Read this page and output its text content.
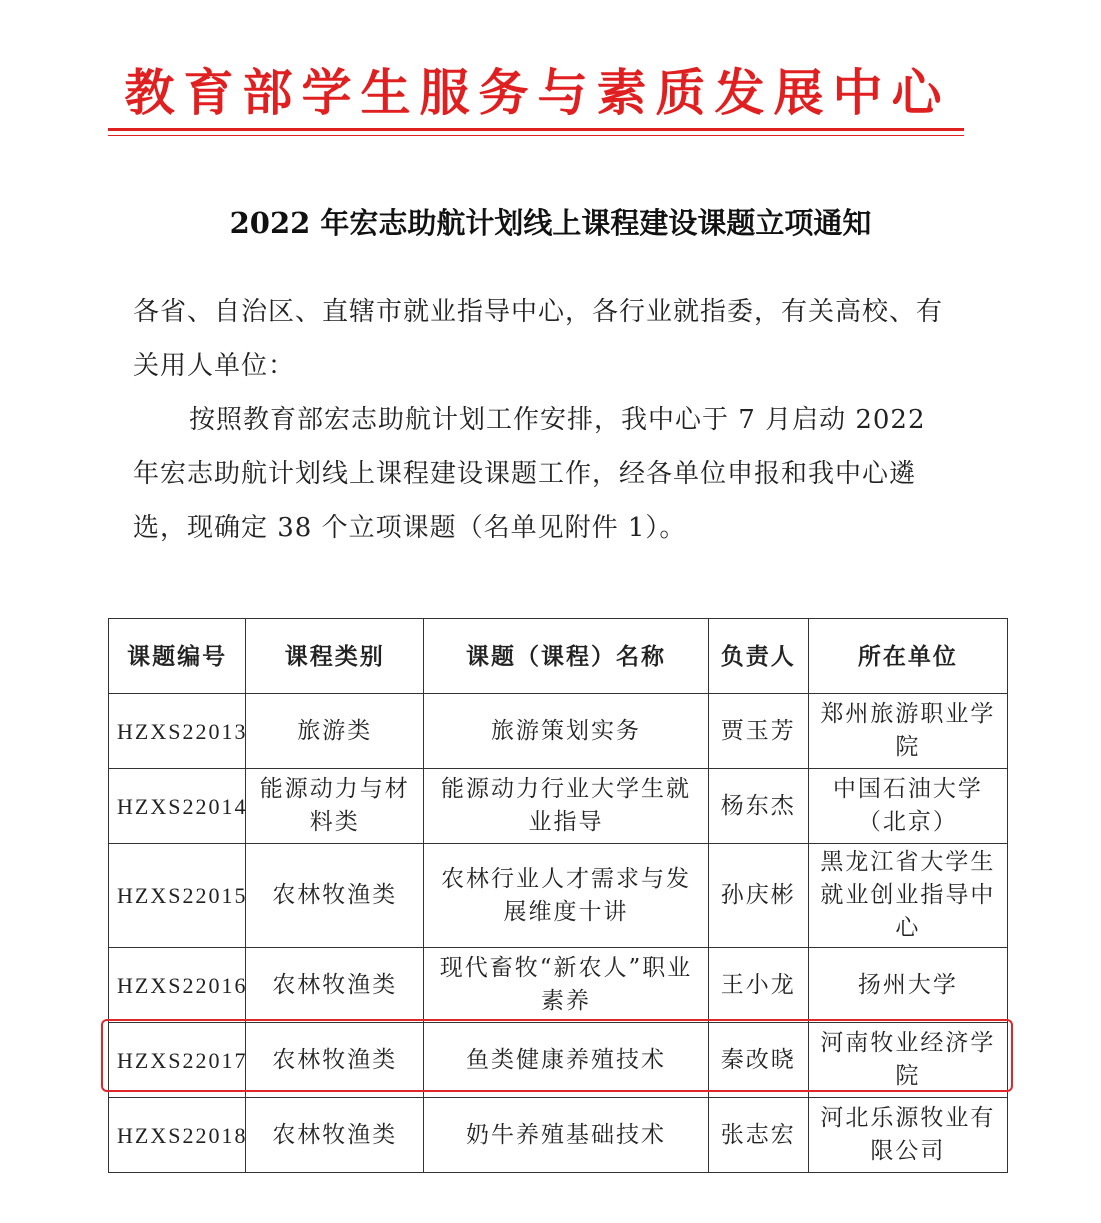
教育部学生服务与素质发展中心
2022 年宏志助航计划线上课程建设课题立项通知
各省、自治区、直辖市就业指导中心，各行业就指委，有关高校、有关用人单位：
按照教育部宏志助航计划工作安排，我中心于 7 月启动 2022 年宏志助航计划线上课程建设课题工作，经各单位申报和我中心遴选，现确定 38 个立项课题（名单见附件 1）。
课题编号	课程类别	课题（课程）名称	负责人	所在单位
HZXS22013	旅游类	旅游策划实务	贾玉芳	郑州旅游职业学院
HZXS22014	能源动力与材料类	能源动力行业大学生就业指导	杨东杰	中国石油大学（北京）
HZXS22015	农林牧渔类	农林行业人才需求与发展维度十讲	孙庆彬	黑龙江省大学生就业创业指导中心
HZXS22016	农林牧渔类	现代畜牧“新农人”职业素养	王小龙	扬州大学
HZXS22017	农林牧渔类	鱼类健康养殖技术	秦改晓	河南牧业经济学院
HZXS22018	农林牧渔类	奶牛养殖基础技术	张志宏	河北乐源牧业有限公司
